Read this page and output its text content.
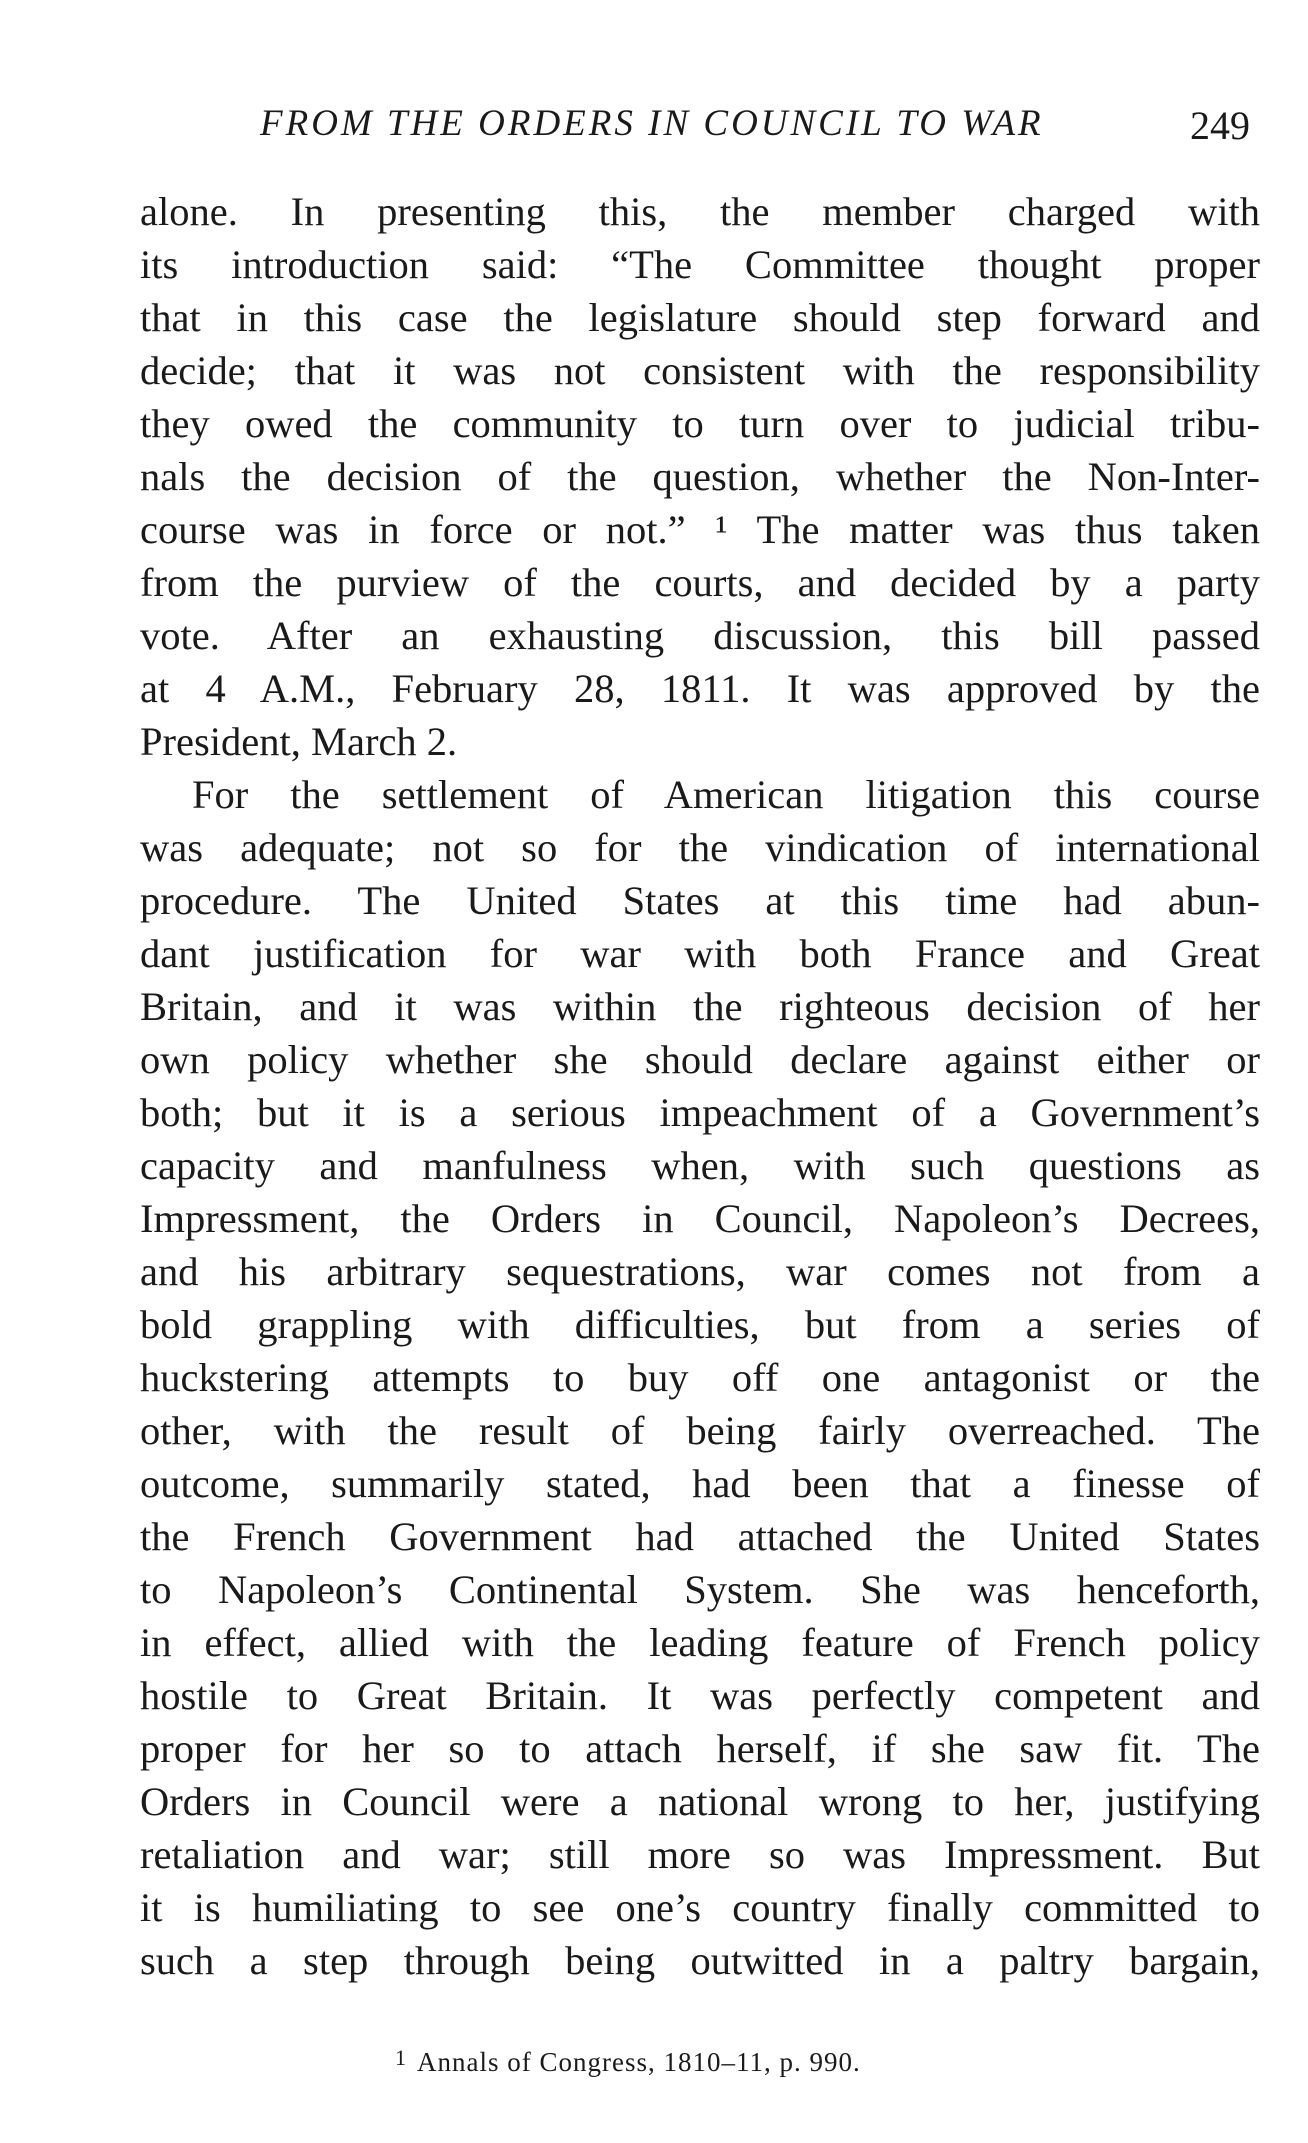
FROM THE ORDERS IN COUNCIL TO WAR	249
alone. In presenting this, the member charged with
its introduction said: “The Committee thought proper
that in this case the legislature should step forward and
decide; that it was not consistent with the responsibility
they owed the community to turn over to judicial tribu-
nals the decision of the question, whether the Non-Inter-
course was in force or not.” ¹ The matter was thus taken
from the purview of the courts, and decided by a party
vote. After an exhausting discussion, this bill passed
at 4 A.M., February 28, 1811. It was approved by the
President, March 2.
For the settlement of American litigation this course
was adequate; not so for the vindication of international
procedure. The United States at this time had abun-
dant justification for war with both France and Great
Britain, and it was within the righteous decision of her
own policy whether she should declare against either or
both; but it is a serious impeachment of a Government’s
capacity and manfulness when, with such questions as
Impressment, the Orders in Council, Napoleon’s Decrees,
and his arbitrary sequestrations, war comes not from a
bold grappling with difficulties, but from a series of
huckstering attempts to buy off one antagonist or the
other, with the result of being fairly overreached. The
outcome, summarily stated, had been that a finesse of
the French Government had attached the United States
to Napoleon’s Continental System. She was henceforth,
in effect, allied with the leading feature of French policy
hostile to Great Britain. It was perfectly competent and
proper for her so to attach herself, if she saw fit. The
Orders in Council were a national wrong to her, justifying
retaliation and war; still more so was Impressment. But
it is humiliating to see one’s country finally committed to
such a step through being outwitted in a paltry bargain,
$^1$ Annals of Congress, 1810–11, p. 990.
